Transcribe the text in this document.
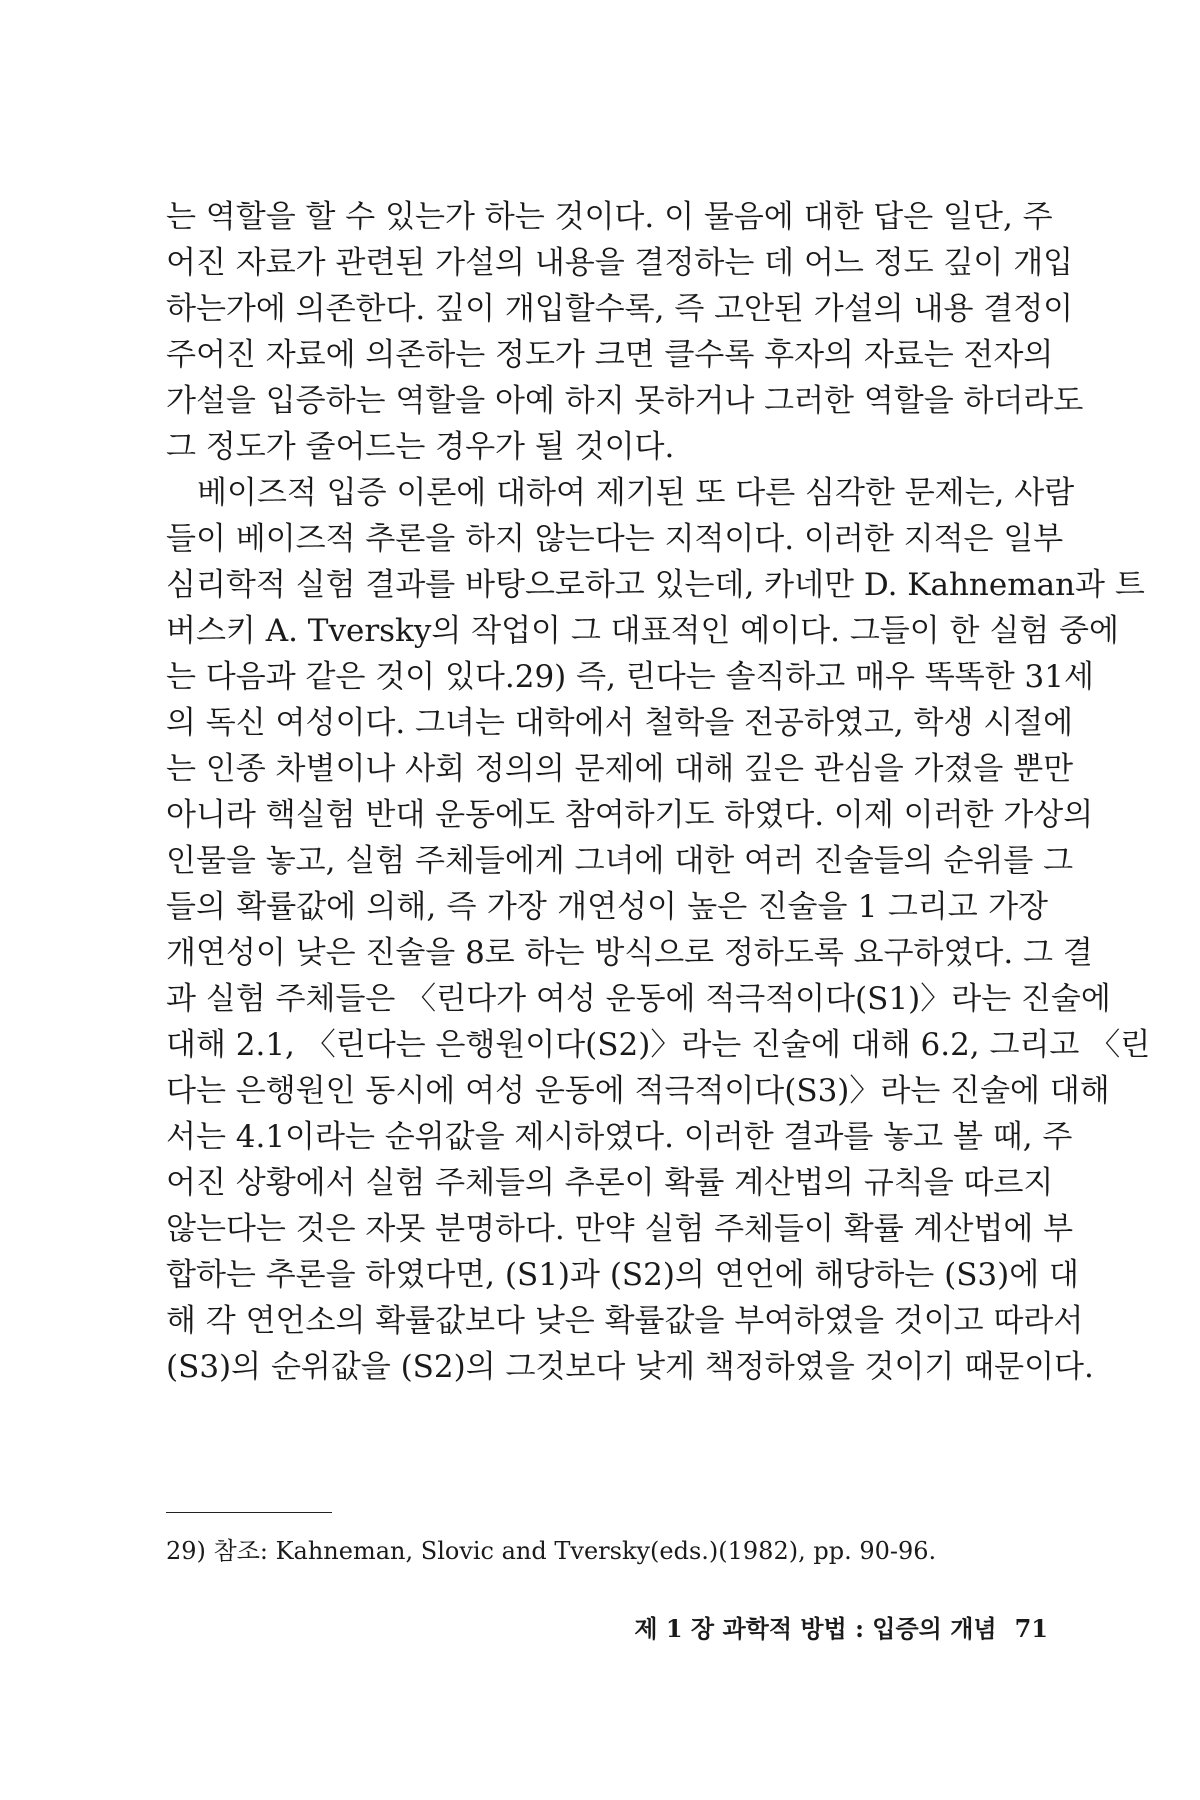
는 역할을 할 수 있는가 하는 것이다. 이 물음에 대한 답은 일단, 주
어진 자료가 관련된 가설의 내용을 결정하는 데 어느 정도 깊이 개입
하는가에 의존한다. 깊이 개입할수록, 즉 고안된 가설의 내용 결정이
주어진 자료에 의존하는 정도가 크면 클수록 후자의 자료는 전자의
가설을 입증하는 역할을 아예 하지 못하거나 그러한 역할을 하더라도
그 정도가 줄어드는 경우가 될 것이다.
베이즈적 입증 이론에 대하여 제기된 또 다른 심각한 문제는, 사람
들이 베이즈적 추론을 하지 않는다는 지적이다. 이러한 지적은 일부
심리학적 실험 결과를 바탕으로하고 있는데, 카네만 D. Kahneman과 트
버스키 A. Tversky의 작업이 그 대표적인 예이다. 그들이 한 실험 중에
는 다음과 같은 것이 있다.29) 즉, 린다는 솔직하고 매우 똑똑한 31세
의 독신 여성이다. 그녀는 대학에서 철학을 전공하였고, 학생 시절에
는 인종 차별이나 사회 정의의 문제에 대해 깊은 관심을 가졌을 뿐만
아니라 핵실험 반대 운동에도 참여하기도 하였다. 이제 이러한 가상의
인물을 놓고, 실험 주체들에게 그녀에 대한 여러 진술들의 순위를 그
들의 확률값에 의해, 즉 가장 개연성이 높은 진술을 1 그리고 가장
개연성이 낮은 진술을 8로 하는 방식으로 정하도록 요구하였다. 그 결
과 실험 주체들은 〈린다가 여성 운동에 적극적이다(S1)〉라는 진술에
대해 2.1, 〈린다는 은행원이다(S2)〉라는 진술에 대해 6.2, 그리고 〈린
다는 은행원인 동시에 여성 운동에 적극적이다(S3)〉라는 진술에 대해
서는 4.1이라는 순위값을 제시하였다. 이러한 결과를 놓고 볼 때, 주
어진 상황에서 실험 주체들의 추론이 확률 계산법의 규칙을 따르지
않는다는 것은 자못 분명하다. 만약 실험 주체들이 확률 계산법에 부
합하는 추론을 하였다면, (S1)과 (S2)의 연언에 해당하는 (S3)에 대
해 각 연언소의 확률값보다 낮은 확률값을 부여하였을 것이고 따라서
(S3)의 순위값을 (S2)의 그것보다 낮게 책정하였을 것이기 때문이다.
29) 참조: Kahneman, Slovic and Tversky(eds.)(1982), pp. 90-96.
제 1 장 과학적 방법 : 입증의 개념 71
